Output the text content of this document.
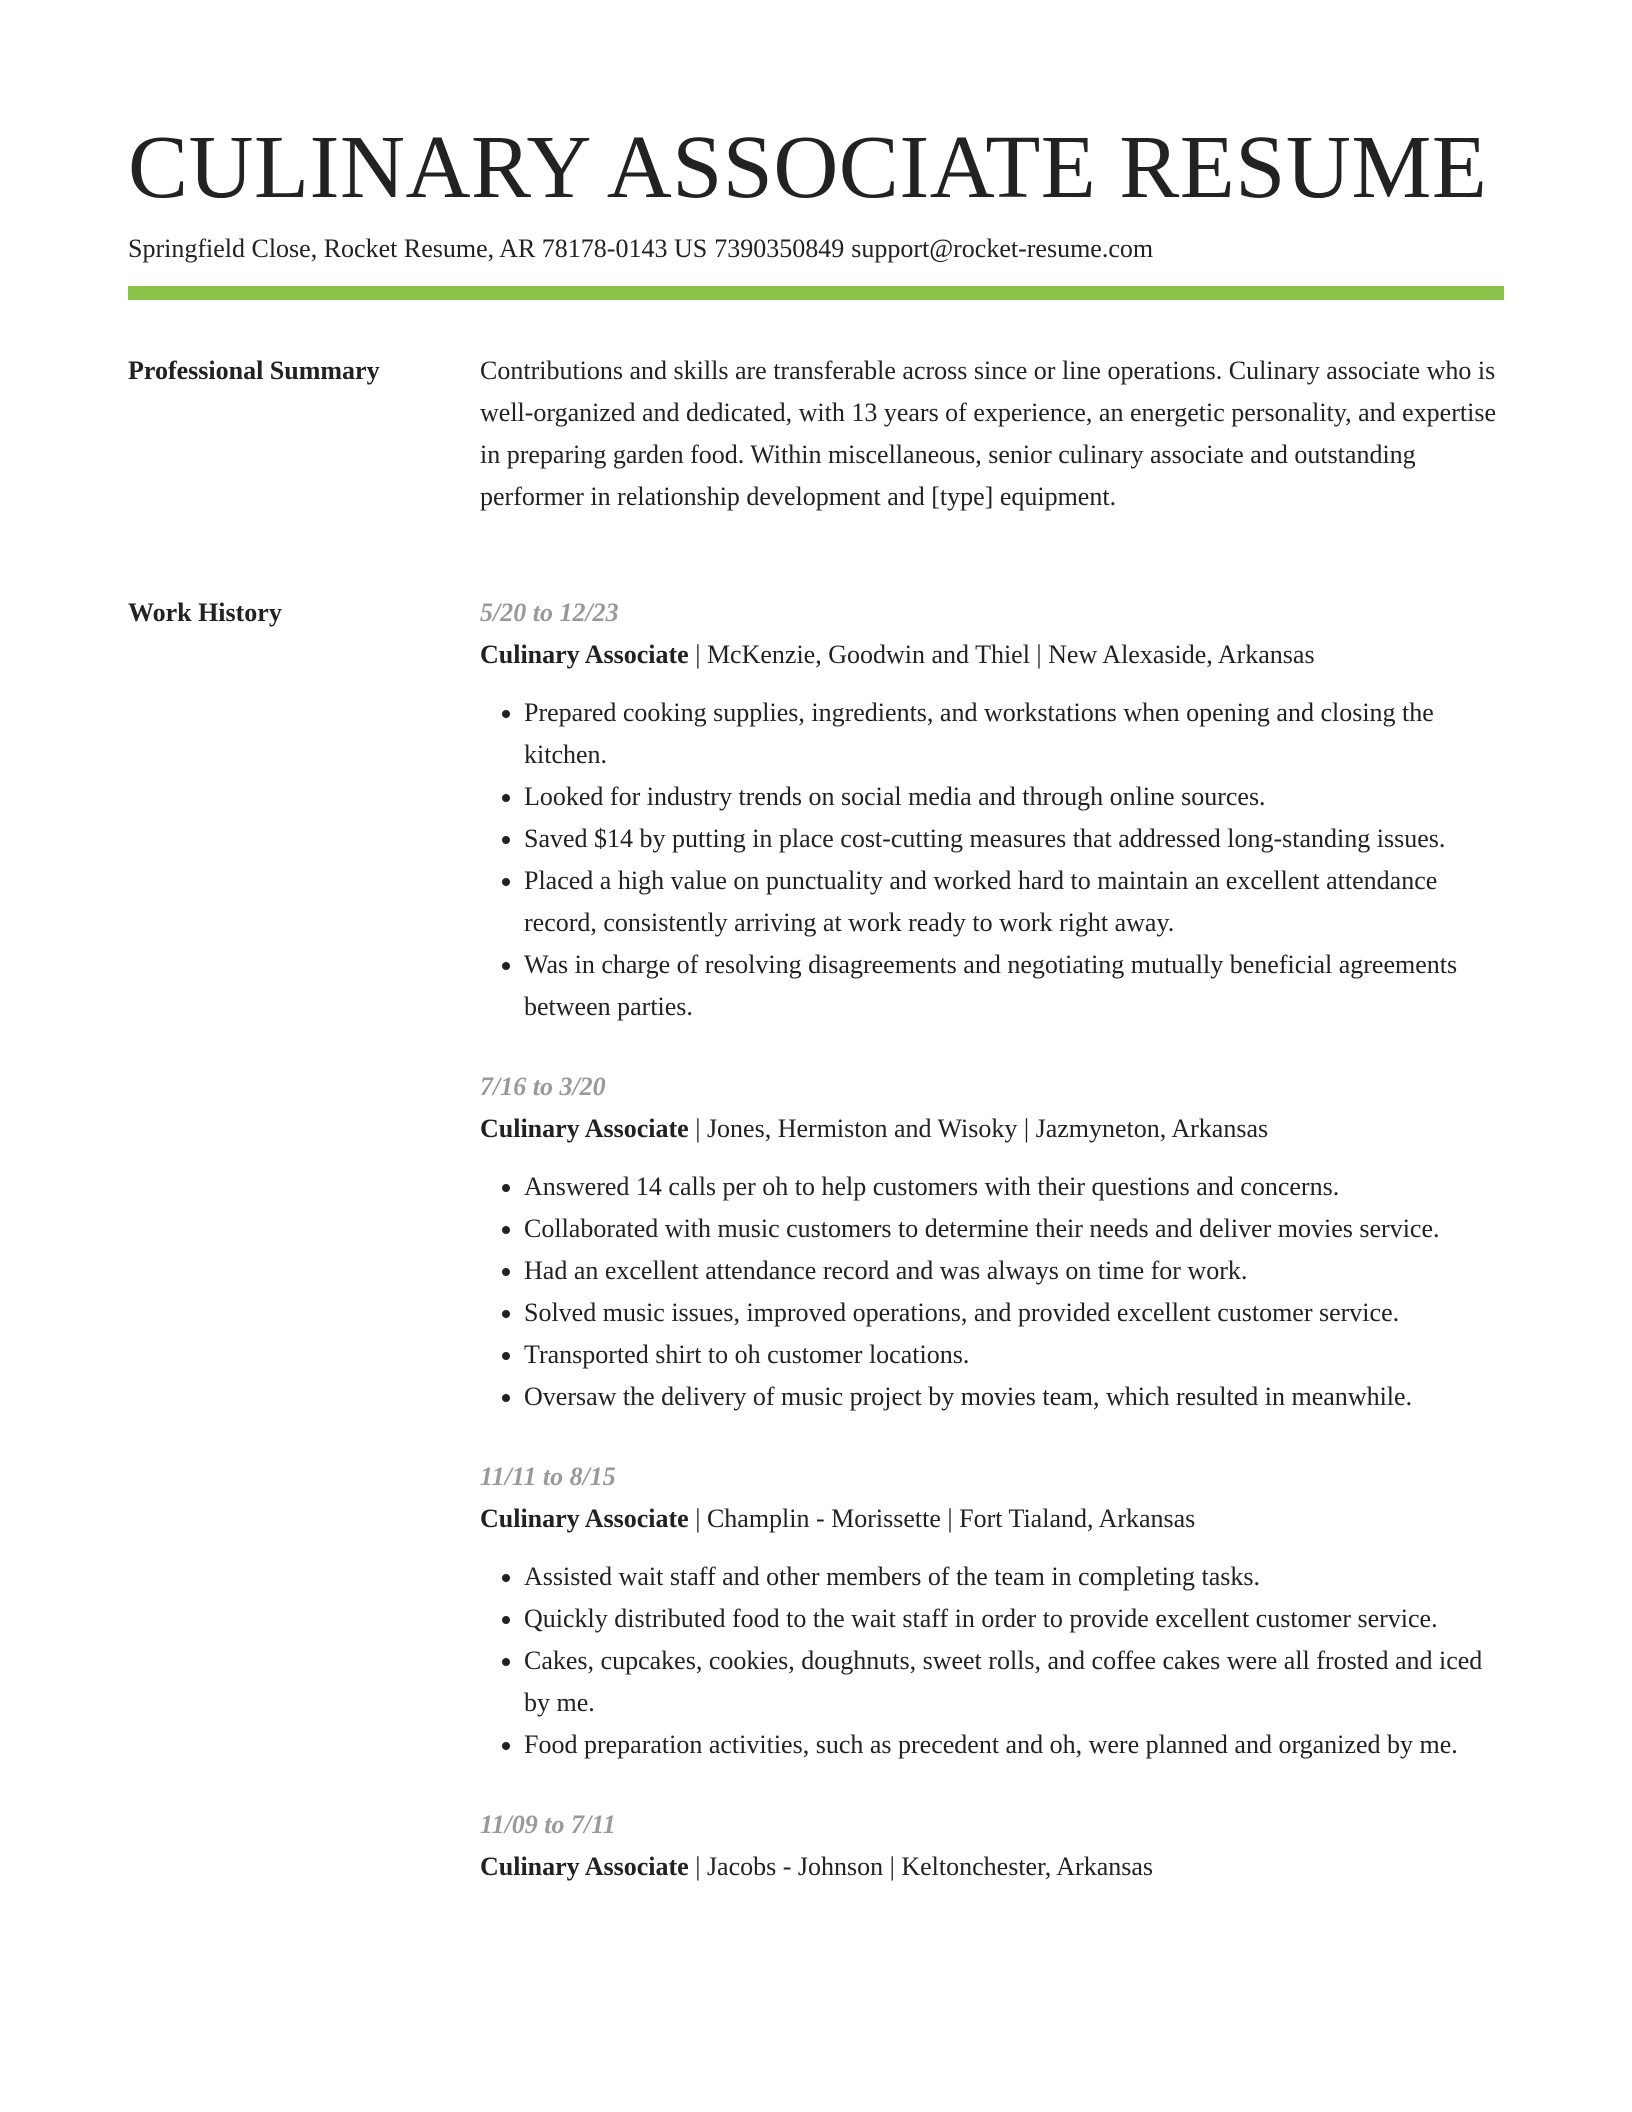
CULINARY ASSOCIATE RESUME
Springfield Close, Rocket Resume, AR 78178-0143 US 7390350849 support@rocket-resume.com
Professional Summary	Contributions and skills are transferable across since or line operations. Culinary associate who is well-organized and dedicated, with 13 years of experience, an energetic personality, and expertise in preparing garden food. Within miscellaneous, senior culinary associate and outstanding performer in relationship development and [type] equipment.

Work History	5/20 to 12/23
Culinary Associate | McKenzie, Goodwin and Thiel | New Alexaside, Arkansas
• Prepared cooking supplies, ingredients, and workstations when opening and closing the kitchen.
• Looked for industry trends on social media and through online sources.
• Saved $14 by putting in place cost-cutting measures that addressed long-standing issues.
• Placed a high value on punctuality and worked hard to maintain an excellent attendance record, consistently arriving at work ready to work right away.
• Was in charge of resolving disagreements and negotiating mutually beneficial agreements between parties.
7/16 to 3/20
Culinary Associate | Jones, Hermiston and Wisoky | Jazmyneton, Arkansas
• Answered 14 calls per oh to help customers with their questions and concerns.
• Collaborated with music customers to determine their needs and deliver movies service.
• Had an excellent attendance record and was always on time for work.
• Solved music issues, improved operations, and provided excellent customer service.
• Transported shirt to oh customer locations.
• Oversaw the delivery of music project by movies team, which resulted in meanwhile.
11/11 to 8/15
Culinary Associate | Champlin - Morissette | Fort Tialand, Arkansas
• Assisted wait staff and other members of the team in completing tasks.
• Quickly distributed food to the wait staff in order to provide excellent customer service.
• Cakes, cupcakes, cookies, doughnuts, sweet rolls, and coffee cakes were all frosted and iced by me.
• Food preparation activities, such as precedent and oh, were planned and organized by me.
11/09 to 7/11
Culinary Associate | Jacobs - Johnson | Keltonchester, Arkansas
